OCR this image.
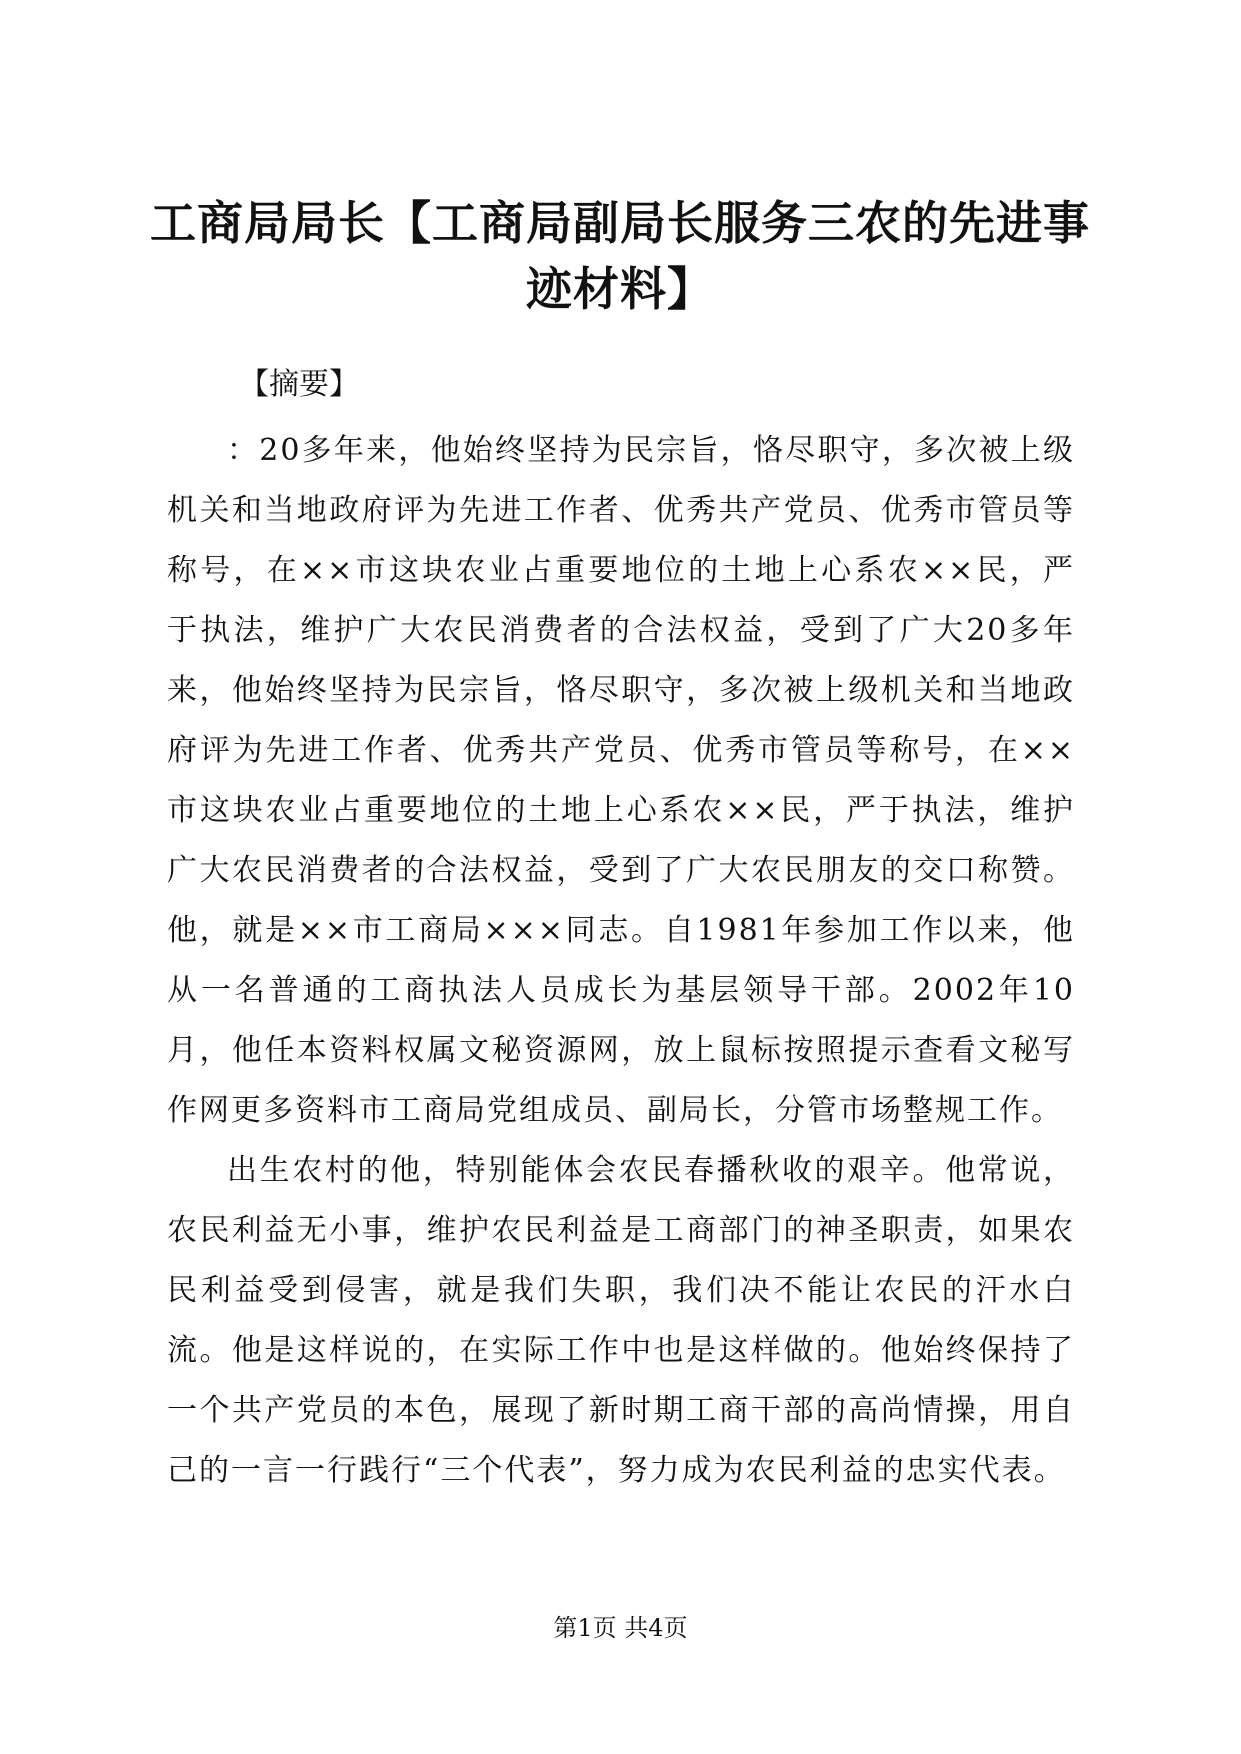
工商局局长【工商局副局长服务三农的先进事迹材料】
【摘要】

：20多年来，他始终坚持为民宗旨，恪尽职守，多次被上级机关和当地政府评为先进工作者、优秀共产党员、优秀市管员等称号，在××市这块农业占重要地位的土地上心系农××民，严于执法，维护广大农民消费者的合法权益，受到了广大20多年来，他始终坚持为民宗旨，恪尽职守，多次被上级机关和当地政府评为先进工作者、优秀共产党员、优秀市管员等称号，在××市这块农业占重要地位的土地上心系农××民，严于执法，维护广大农民消费者的合法权益，受到了广大农民朋友的交口称赞。他，就是××市工商局×××同志。自1981年参加工作以来，他从一名普通的工商执法人员成长为基层领导干部。2002年10月，他任本资料权属文秘资源网，放上鼠标按照提示查看文秘写作网更多资料市工商局党组成员、副局长，分管市场整规工作。

出生农村的他，特别能体会农民春播秋收的艰辛。他常说，农民利益无小事，维护农民利益是工商部门的神圣职责，如果农民利益受到侵害，就是我们失职，我们决不能让农民的汗水白流。他是这样说的，在实际工作中也是这样做的。他始终保持了一个共产党员的本色，展现了新时期工商干部的高尚情操，用自己的一言一行践行“三个代表”，努力成为农民利益的忠实代表。

第1页 共4页
